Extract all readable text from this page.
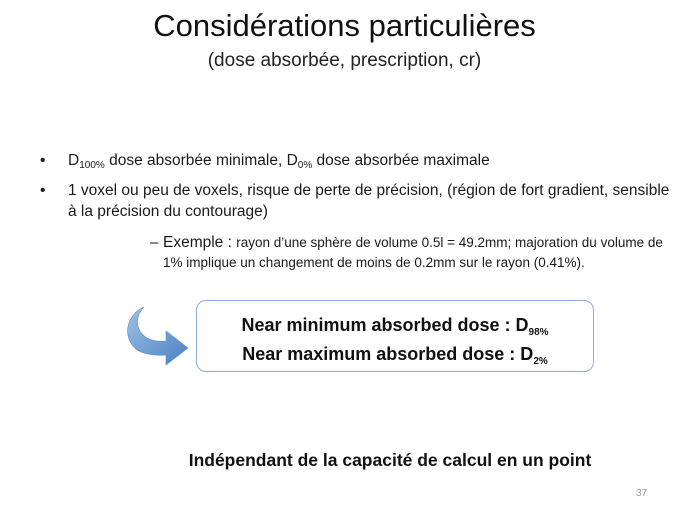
Considérations particulières
(dose absorbée, prescription, cr)
• $D_{100\%}$ dose absorbée minimale, $D_{0\%}$ dose absorbée maximale
• 1 voxel ou peu de voxels, risque de perte de précision, (région de fort gradient, sensible à la précision du contourage)
– Exemple : rayon d’une sphère de volume 0.5l = 49.2mm; majoration du volume de 1% implique un changement de moins de 0.2mm sur le rayon (0.41%).
Near minimum absorbed dose : $D_{98\%}$
Near maximum absorbed dose : $D_{2\%}$
Indépendant de la capacité de calcul en un point
37
